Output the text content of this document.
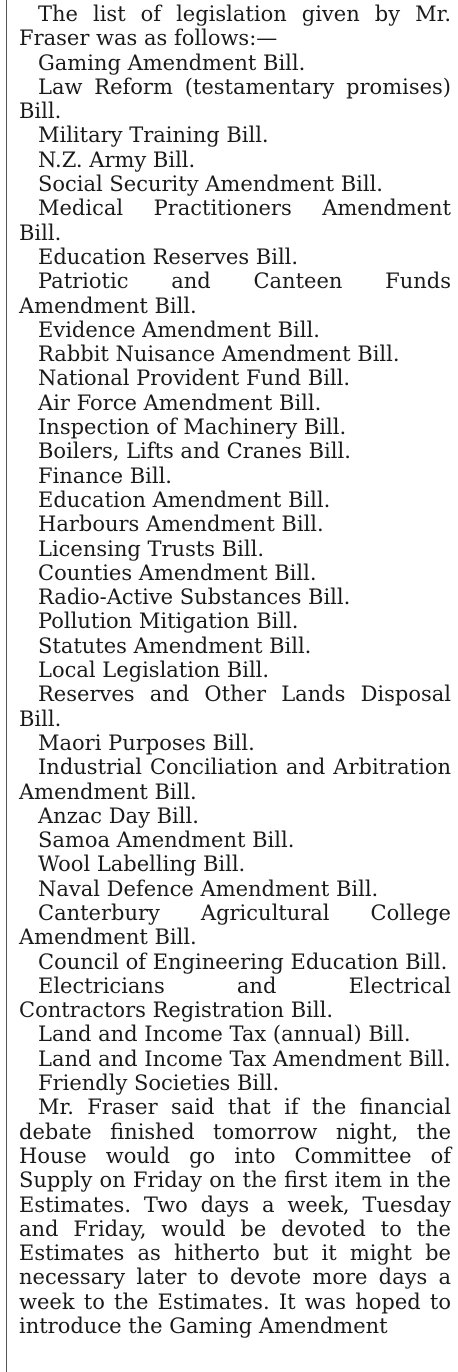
The list of legislation given by Mr. Fraser was as follows:—

Gaming Amendment Bill.

Law Reform (testamentary promises) Bill.

Military Training Bill.

N.Z. Army Bill.

Social Security Amendment Bill.

Medical Practitioners Amendment Bill.

Education Reserves Bill.

Patriotic and Canteen Funds Amendment Bill.

Evidence Amendment Bill.

Rabbit Nuisance Amendment Bill.

National Provident Fund Bill.

Air Force Amendment Bill.

Inspection of Machinery Bill.

Boilers, Lifts and Cranes Bill.

Finance Bill.

Education Amendment Bill.

Harbours Amendment Bill.

Licensing Trusts Bill.

Counties Amendment Bill.

Radio-Active Substances Bill.

Pollution Mitigation Bill.

Statutes Amendment Bill.

Local Legislation Bill.

Reserves and Other Lands Disposal Bill.

Maori Purposes Bill.

Industrial Conciliation and Arbitration Amendment Bill.

Anzac Day Bill.

Samoa Amendment Bill.

Wool Labelling Bill.

Naval Defence Amendment Bill.

Canterbury Agricultural College Amendment Bill.

Council of Engineering Education Bill.

Electricians and Electrical Contractors Registration Bill.

Land and Income Tax (annual) Bill.

Land and Income Tax Amendment Bill.

Friendly Societies Bill.

Mr. Fraser said that if the financial debate finished tomorrow night, the House would go into Committee of Supply on Friday on the first item in the Estimates. Two days a week, Tuesday and Friday, would be devoted to the Estimates as hitherto but it might be necessary later to devote more days a week to the Estimates. It was hoped to introduce the Gaming Amendment
